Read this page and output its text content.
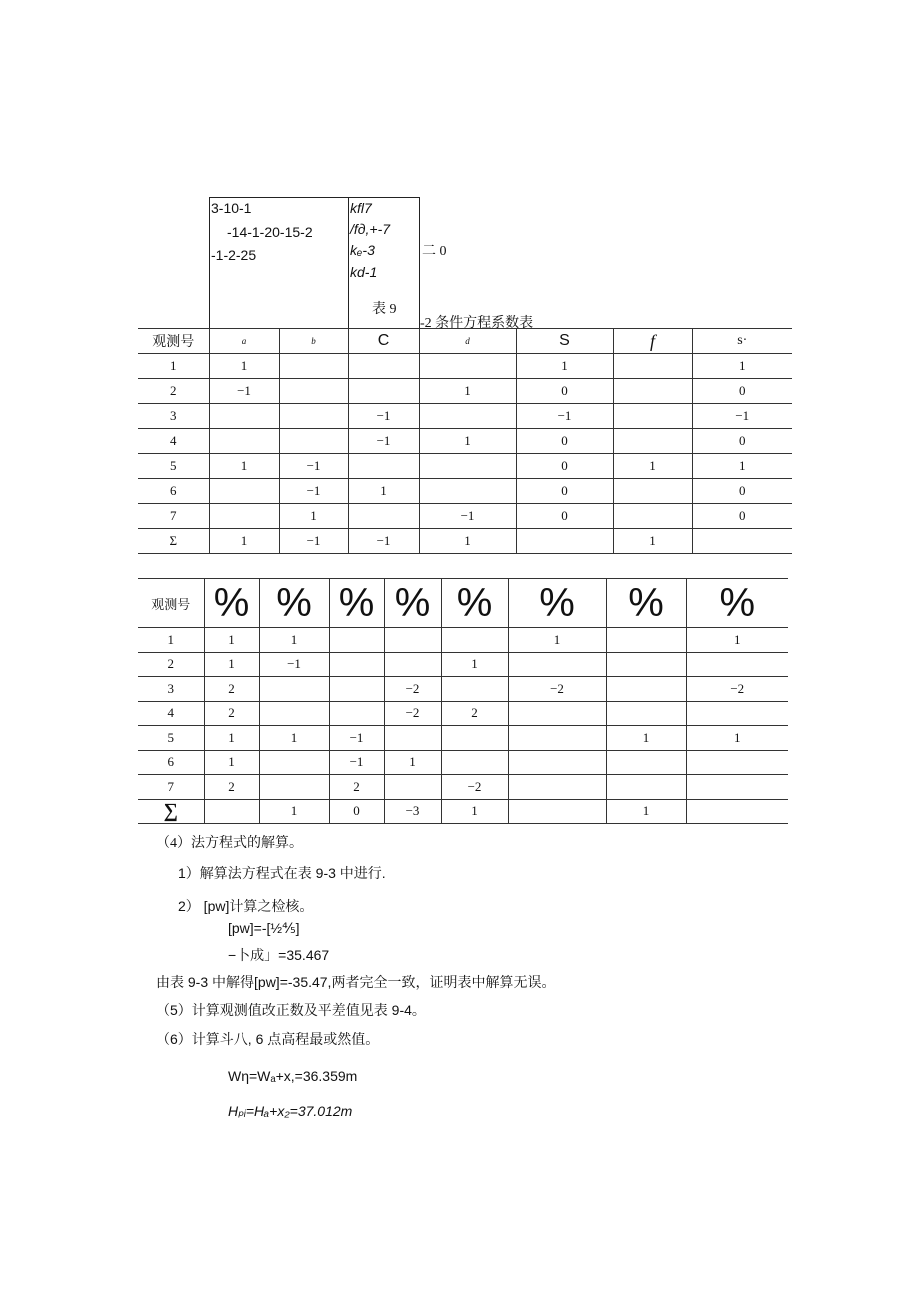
3-10-1
-14-1-20-15-2
-1-2-25
kfl7
/fд,+-7
kₑ-3
kd-1
二 0
表 9
-2 条件方程系数表
观测号	a	b	C	d	S	f	s·
1	1				1		1
2	−1			1	0		0
3			−1		−1		−1
4			−1	1	0		0
5	1	−1			0	1	1
6		−1	1		0		0
7		1		−1	0		0
Σ	1	−1	−1	1		1	
观测号	%	%	%	%	%	%	%	%
1	1	1				1		1
2	1	−1			1			
3	2			−2		−2		−2
4	2			−2	2			
5	1	1	−1				1	1
6	1		−1	1				
7	2		2		−2			
∑		1	0	−3	1		1	
（4）法方程式的解算。
1）解算法方程式在表 9-3 中进行.
2） [pw]计算之检核。
[pw]=-[½⅘]
−卜成」=35.467
由表 9-3 中解得[pw]=-35.47,两者完全一致，证明表中解算无误。
（5）计算观测值改正数及平差值见表 9-4。
（6）计算斗八, 6 点高程最或然值。
Wη=Wₐ+x,=36.359m
Hₚᵢ=Hₐ+x₂=37.012m
